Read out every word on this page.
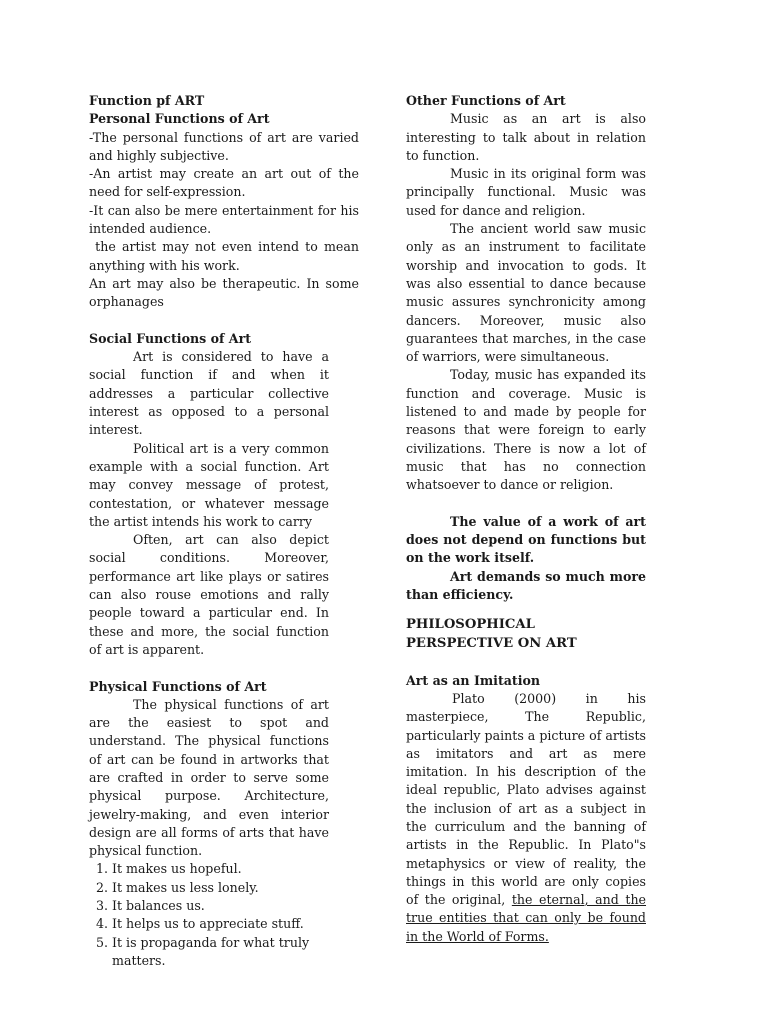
Function pf ART

Personal Functions of Art

-The personal functions of art are varied and highly subjective.

-An artist may create an art out of the need for self-expression.

-It can also be mere entertainment for his intended audience.

the artist may not even intend to mean anything with his work.

An art may also be therapeutic. In some orphanages

Social Functions of Art

Art is considered to have a social function if and when it addresses a particular collective interest as opposed to a personal interest.

Political art is a very common example with a social function. Art may convey message of protest, contestation, or whatever message the artist intends his work to carry

Often, art can also depict social conditions. Moreover, performance art like plays or satires can also rouse emotions and rally people toward a particular end. In these and more, the social function of art is apparent.

Physical Functions of Art

The physical functions of art are the easiest to spot and understand. The physical functions of art can be found in artworks that are crafted in order to serve some physical purpose. Architecture, jewelry-making, and even interior design are all forms of arts that have physical function.

1. It makes us hopeful.
2. It makes us less lonely.
3. It balances us.
4. It helps us to appreciate stuff.
5. It is propaganda for what truly matters.

Other Functions of Art

Music as an art is also interesting to talk about in relation to function.

Music in its original form was principally functional. Music was used for dance and religion.

The ancient world saw music only as an instrument to facilitate worship and invocation to gods. It was also essential to dance because music assures synchronicity among dancers. Moreover, music also guarantees that marches, in the case of warriors, were simultaneous.

Today, music has expanded its function and coverage. Music is listened to and made by people for reasons that were foreign to early civilizations. There is now a lot of music that has no connection whatsoever to dance or religion.

The value of a work of art does not depend on functions but on the work itself.

Art demands so much more than efficiency.

PHILOSOPHICAL PERSPECTIVE ON ART

Art as an Imitation

Plato (2000) in his masterpiece, The Republic, particularly paints a picture of artists as imitators and art as mere imitation. In his description of the ideal republic, Plato advises against the inclusion of art as a subject in the curriculum and the banning of artists in the Republic. In Plato"s metaphysics or view of reality, the things in this world are only copies of the original, the eternal, and the true entities that can only be found in the World of Forms.
